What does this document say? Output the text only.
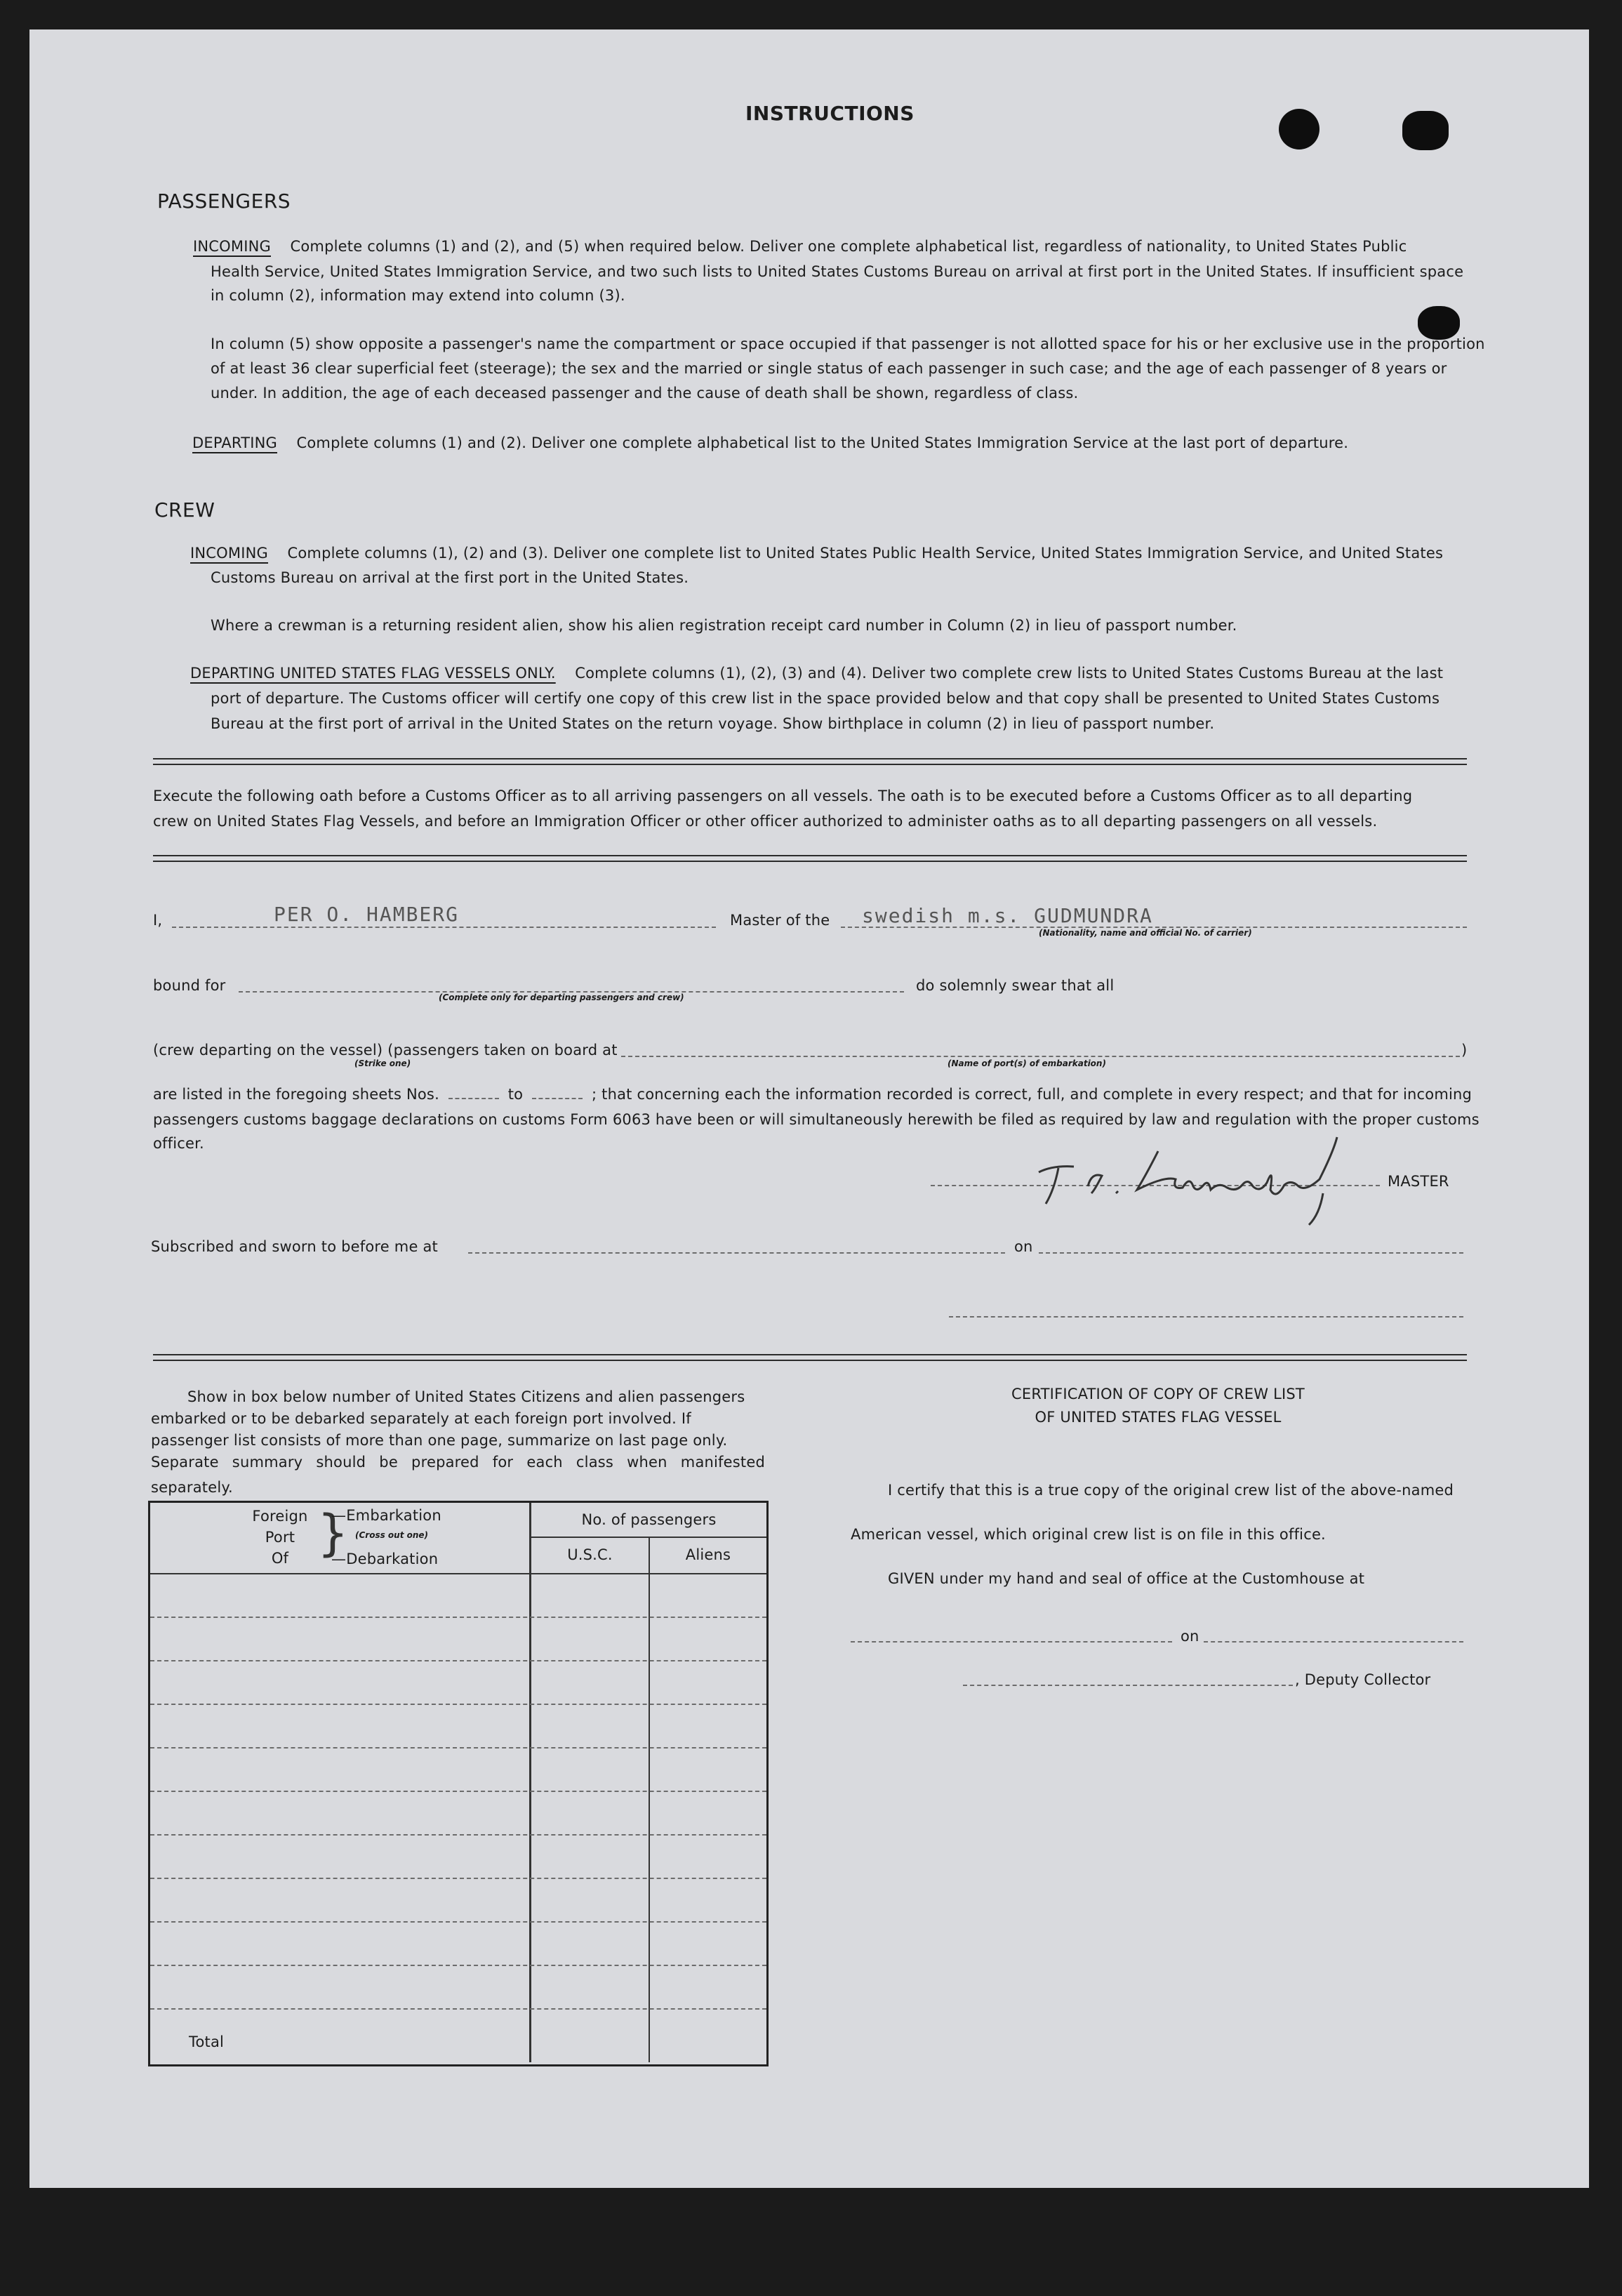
INSTRUCTIONS
PASSENGERS
INCOMING Complete columns (1) and (2), and (5) when required below. Deliver one complete alphabetical list, regardless of nationality, to United States Public
Health Service, United States Immigration Service, and two such lists to United States Customs Bureau on arrival at first port in the United States. If insufficient space
in column (2), information may extend into column (3).
In column (5) show opposite a passenger's name the compartment or space occupied if that passenger is not allotted space for his or her exclusive use in the proportion
of at least 36 clear superficial feet (steerage); the sex and the married or single status of each passenger in such case; and the age of each passenger of 8 years or
under. In addition, the age of each deceased passenger and the cause of death shall be shown, regardless of class.
DEPARTING Complete columns (1) and (2). Deliver one complete alphabetical list to the United States Immigration Service at the last port of departure.
CREW
INCOMING Complete columns (1), (2) and (3). Deliver one complete list to United States Public Health Service, United States Immigration Service, and United States
Customs Bureau on arrival at the first port in the United States.
Where a crewman is a returning resident alien, show his alien registration receipt card number in Column (2) in lieu of passport number.
DEPARTING UNITED STATES FLAG VESSELS ONLY. Complete columns (1), (2), (3) and (4). Deliver two complete crew lists to United States Customs Bureau at the last
port of departure. The Customs officer will certify one copy of this crew list in the space provided below and that copy shall be presented to United States Customs
Bureau at the first port of arrival in the United States on the return voyage. Show birthplace in column (2) in lieu of passport number.
Execute the following oath before a Customs Officer as to all arriving passengers on all vessels. The oath is to be executed before a Customs Officer as to all departing
crew on United States Flag Vessels, and before an Immigration Officer or other officer authorized to administer oaths as to all departing passengers on all vessels.
I,	PER O. HAMBERG	Master of the swedish m.s. GUDMUNDRA
(Nationality, name and official No. of carrier)
bound for
(Complete only for departing passengers and crew)
do solemnly swear that all
(crew departing on the vessel) (passengers taken on board at	)
(Strike one)	(Name of port(s) of embarkation)
are listed in the foregoing sheets Nos.	to	; that concerning each the information recorded is correct, full, and complete in every respect; and that for incoming
passengers customs baggage declarations on customs Form 6063 have been or will simultaneously herewith be filed as required by law and regulation with the proper customs
officer.
MASTER
Subscribed and sworn to before me at	on
Show in box below number of United States Citizens and alien passengers
embarked or to be debarked separately at each foreign port involved. If
passenger list consists of more than one page, summarize on last page only.
Separate summary should be prepared for each class when manifested separately.
Foreign
Port
Of }
—Embarkation
(Cross out one)
—Debarkation
No. of passengers
U.S.C.	Aliens
Total
CERTIFICATION OF COPY OF CREW LIST
OF UNITED STATES FLAG VESSEL
I certify that this is a true copy of the original crew list of the above-named
American vessel, which original crew list is on file in this office.
GIVEN under my hand and seal of office at the Customhouse at
on
, Deputy Collector
